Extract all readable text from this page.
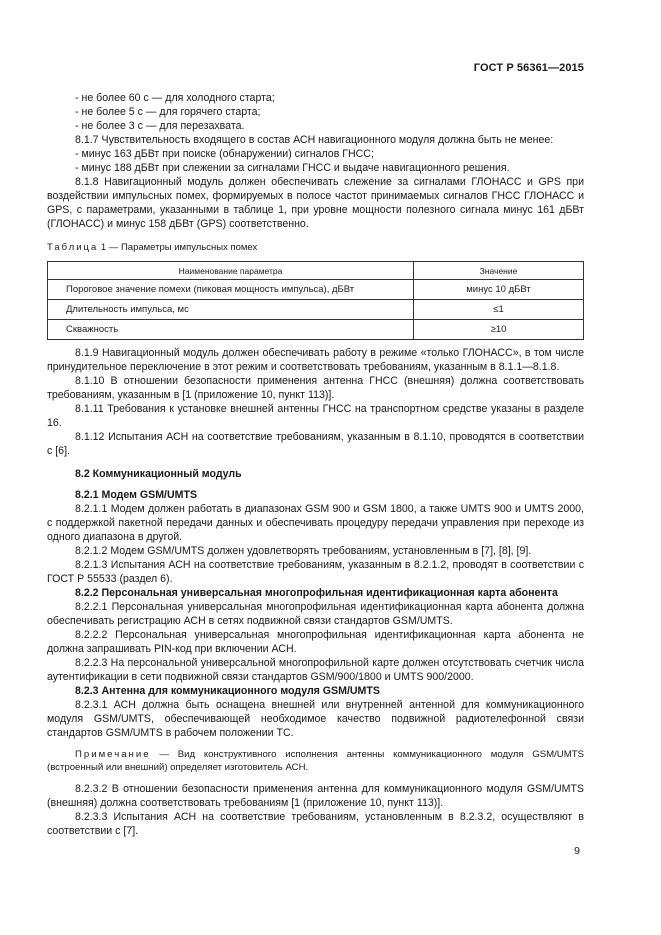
ГОСТ Р 56361—2015

- не более 60 с — для холодного старта;

- не более 5 с — для горячего старта;

- не более 3 с — для перезахвата.

8.1.7 Чувствительность входящего в состав АСН навигационного модуля должна быть не менее:

- минус 163 дБВт при поиске (обнаружении) сигналов ГНСС;

- минус 188 дБВт при слежении за сигналами ГНСС и выдаче навигационного решения.

8.1.8 Навигационный модуль должен обеспечивать слежение за сигналами ГЛОНАСС и GPS при воздействии импульсных помех, формируемых в полосе частот принимаемых сигналов ГНСС ГЛОНАСС и GPS, с параметрами, указанными в таблице 1, при уровне мощности полезного сигнала минус 161 дБВт (ГЛОНАСС) и минус 158 дБВт (GPS) соответственно.

Таблица 1 — Параметры импульсных помех
Наименование параметра	Значение
Пороговое значение помехи (пиковая мощность импульса), дБВт	минус 10 дБВт
Длительность импульса, мс	≤1
Скважность	≥10

8.1.9 Навигационный модуль должен обеспечивать работу в режиме «только ГЛОНАСС», в том числе принудительное переключение в этот режим и соответствовать требованиям, указанным в 8.1.1—8.1.8.

8.1.10 В отношении безопасности применения антенна ГНСС (внешняя) должна соответствовать требованиям, указанным в [1 (приложение 10, пункт 113)].

8.1.11 Требования к установке внешней антенны ГНСС на транспортном средстве указаны в разделе 16.

8.1.12 Испытания АСН на соответствие требованиям, указанным в 8.1.10, проводятся в соответствии с [6].

8.2 Коммуникационный модуль

8.2.1 Модем GSM/UMTS

8.2.1.1 Модем должен работать в диапазонах GSM 900 и GSM 1800, а также UMTS 900 и UMTS 2000, с поддержкой пакетной передачи данных и обеспечивать процедуру передачи управления при переходе из одного диапазона в другой.

8.2.1.2 Модем GSM/UMTS должен удовлетворять требованиям, установленным в [7], [8], [9].

8.2.1.3 Испытания АСН на соответствие требованиям, указанным в 8.2.1.2, проводят в соответствии с ГОСТ Р 55533 (раздел 6).

8.2.2 Персональная универсальная многопрофильная идентификационная карта абонента

8.2.2.1 Персональная универсальная многопрофильная идентификационная карта абонента должна обеспечивать регистрацию АСН в сетях подвижной связи стандартов GSM/UMTS.

8.2.2.2 Персональная универсальная многопрофильная идентификационная карта абонента не должна запрашивать PIN-код при включении АСН.

8.2.2.3 На персональной универсальной многопрофильной карте должен отсутствовать счетчик числа аутентификации в сети подвижной связи стандартов GSM/900/1800 и UMTS 900/2000.

8.2.3 Антенна для коммуникационного модуля GSM/UMTS

8.2.3.1 АСН должна быть оснащена внешней или внутренней антенной для коммуникационного модуля GSM/UMTS, обеспечивающей необходимое качество подвижной радиотелефонной связи стандартов GSM/UMTS в рабочем положении ТС.

Примечание — Вид конструктивного исполнения антенны коммуникационного модуля GSM/UMTS (встроенный или внешний) определяет изготовитель АСН.

8.2.3.2 В отношении безопасности применения антенна для коммуникационного модуля GSM/UMTS (внешняя) должна соответствовать требованиям [1 (приложение 10, пункт 113)].

8.2.3.3 Испытания АСН на соответствие требованиям, установленным в 8.2.3.2, осуществляют в соответствии с [7].

9
